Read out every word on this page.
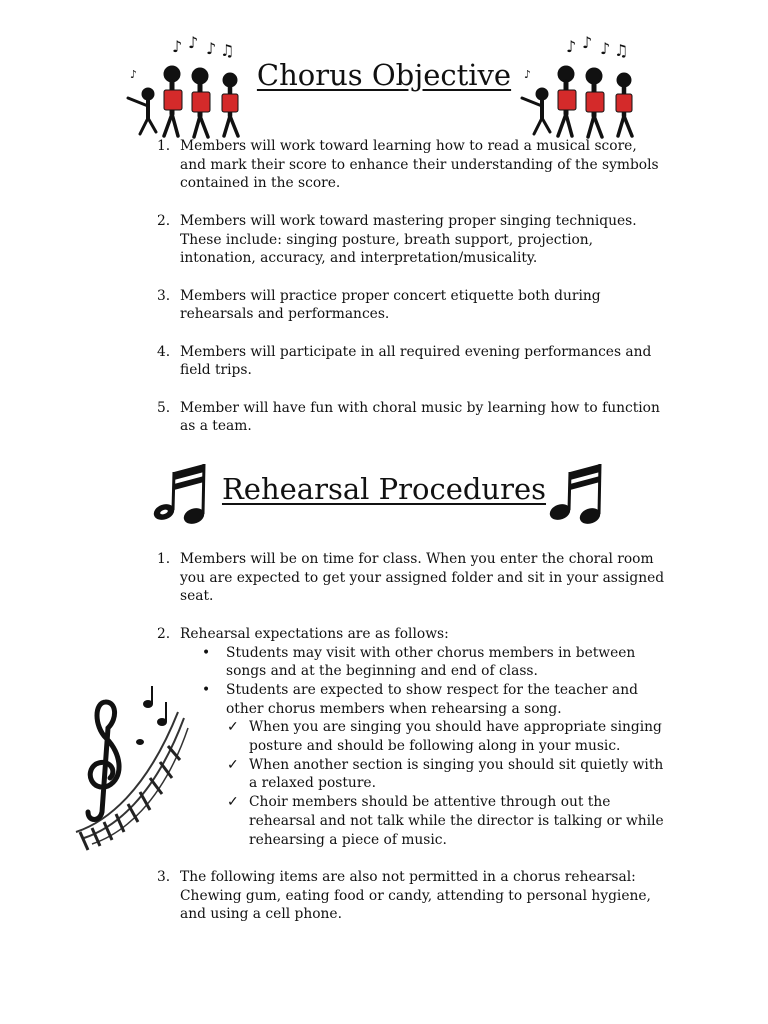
♪ ♪ ♪ ♫
♪	Chorus Objective
♪ ♪ ♪ ♫
♪
1. Members will work toward learning how to read a musical score, and mark their score to enhance their understanding of the symbols contained in the score.
2. Members will work toward mastering proper singing techniques. These include: singing posture, breath support, projection, intonation, accuracy, and interpretation/musicality.
3. Members will practice proper concert etiquette both during rehearsals and performances.
4. Members will participate in all required evening performances and field trips.
5. Member will have fun with choral music by learning how to function as a team.
Rehearsal Procedures
1. Members will be on time for class. When you enter the choral room you are expected to get your assigned folder and sit in your assigned seat.
2. Rehearsal expectations are as follows:
•	Students may visit with other chorus members in between songs and at the beginning and end of class.
•	Students are expected to show respect for the teacher and other chorus members when rehearsing a song.
✓ When you are singing you should have appropriate singing posture and should be following along in your music.
✓ When another section is singing you should sit quietly with a relaxed posture.
✓ Choir members should be attentive through out the rehearsal and not talk while the director is talking or while rehearsing a piece of music.
3. The following items are also not permitted in a chorus rehearsal: Chewing gum, eating food or candy, attending to personal hygiene, and using a cell phone.
